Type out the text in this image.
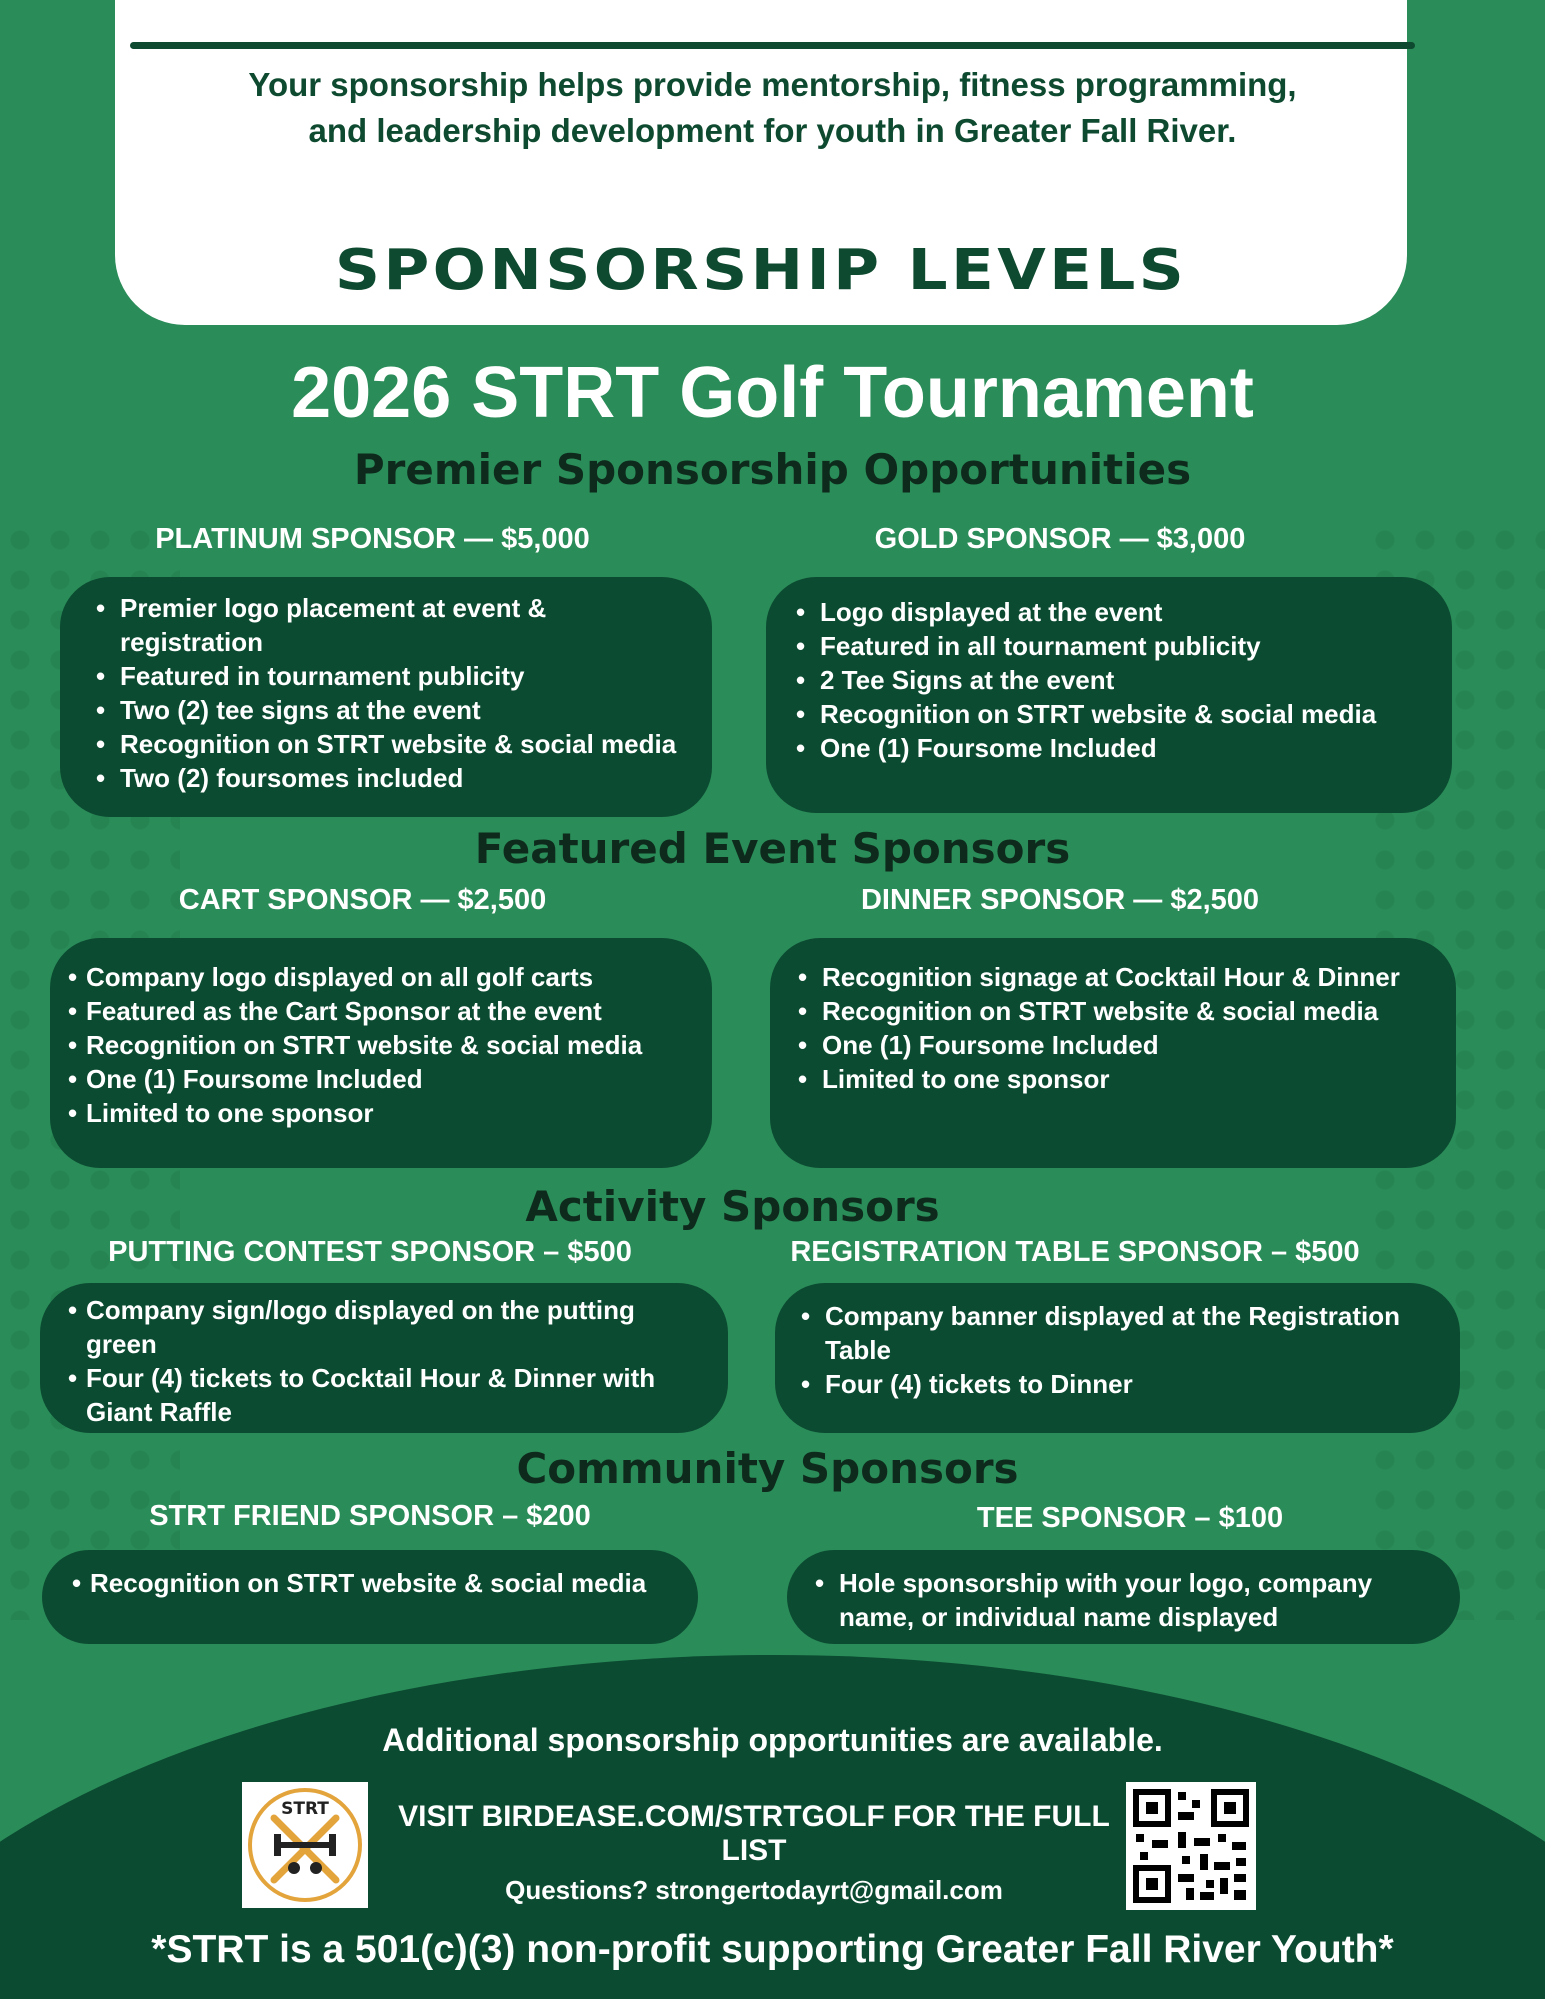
Your sponsorship helps provide mentorship, fitness programming, and leadership development for youth in Greater Fall River.
SPONSORSHIP LEVELS
2026 STRT Golf Tournament
Premier Sponsorship Opportunities
PLATINUM SPONSOR — $5,000
• Premier logo placement at event & registration
• Featured in tournament publicity
• Two (2) tee signs at the event
• Recognition on STRT website & social media
• Two (2) foursomes included
GOLD SPONSOR — $3,000
• Logo displayed at the event
• Featured in all tournament publicity
• 2 Tee Signs at the event
• Recognition on STRT website & social media
• One (1) Foursome Included
Featured Event Sponsors
CART SPONSOR — $2,500
• Company logo displayed on all golf carts
• Featured as the Cart Sponsor at the event
• Recognition on STRT website & social media
• One (1) Foursome Included
• Limited to one sponsor
DINNER SPONSOR — $2,500
• Recognition signage at Cocktail Hour & Dinner
• Recognition on STRT website & social media
• One (1) Foursome Included
• Limited to one sponsor
Activity Sponsors
PUTTING CONTEST SPONSOR – $500
• Company sign/logo displayed on the putting green
• Four (4) tickets to Cocktail Hour & Dinner with Giant Raffle
REGISTRATION TABLE SPONSOR – $500
• Company banner displayed at the Registration Table
• Four (4) tickets to Dinner
Community Sponsors
STRT FRIEND SPONSOR – $200
• Recognition on STRT website & social media
TEE SPONSOR – $100
• Hole sponsorship with your logo, company name, or individual name displayed
Additional sponsorship opportunities are available.
STRT	VISIT BIRDEASE.COM/STRTGOLF FOR THE FULL LIST
Questions? strongertodayrt@gmail.com
*STRT is a 501(c)(3) non-profit supporting Greater Fall River Youth*
